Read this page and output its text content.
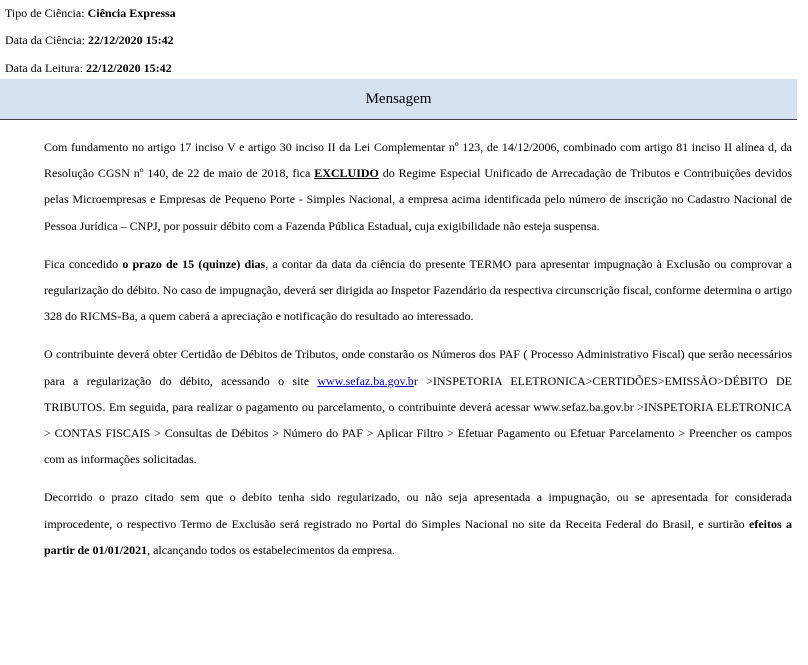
Tipo de Ciência: Ciência Expressa
Data da Ciência: 22/12/2020 15:42
Data da Leitura: 22/12/2020 15:42
Mensagem

Com fundamento no artigo 17 inciso V e artigo 30 inciso II da Lei Complementar nº 123, de 14/12/2006, combinado com artigo 81 inciso II alínea d, da Resolução CGSN nº 140, de 22 de maio de 2018, fica EXCLUIDO do Regime Especial Unificado de Arrecadação de Tributos e Contribuições devidos pelas Microempresas e Empresas de Pequeno Porte - Simples Nacional, a empresa acima identificada pelo número de inscrição no Cadastro Nacional de Pessoa Jurídica – CNPJ, por possuir débito com a Fazenda Pública Estadual, cuja exigibilidade não esteja suspensa.

Fica concedido o prazo de 15 (quinze) dias, a contar da data da ciência do presente TERMO para apresentar impugnação à Exclusão ou comprovar a regularização do débito. No caso de impugnação, deverá ser dirigida ao Inspetor Fazendário da respectiva circunscrição fiscal, conforme determina o artigo 328 do RICMS-Ba, a quem caberá a apreciação e notificação do resultado ao interessado.

O contribuinte deverá obter Certidão de Débitos de Tributos, onde constarão os Números dos PAF ( Processo Administrativo Fiscal) que serão necessários para a regularização do débito, acessando o site www.sefaz.ba.gov.br >INSPETORIA ELETRONICA>CERTIDÕES>EMISSÃO>DÉBITO DE TRIBUTOS. Em seguida, para realizar o pagamento ou parcelamento, o contribuinte deverá acessar www.sefaz.ba.gov.br >INSPETORIA ELETRONICA > CONTAS FISCAIS > Consultas de Débitos > Número do PAF > Aplicar Filtro > Efetuar Pagamento ou Efetuar Parcelamento > Preencher os campos com as informações solicitadas.

Decorrido o prazo citado sem que o debito tenha sido regularizado, ou não seja apresentada a impugnação, ou se apresentada for considerada improcedente, o respectivo Termo de Exclusão será registrado no Portal do Simples Nacional no site da Receita Federal do Brasil, e surtirão efeitos a partir de 01/01/2021, alcançando todos os estabelecimentos da empresa.
